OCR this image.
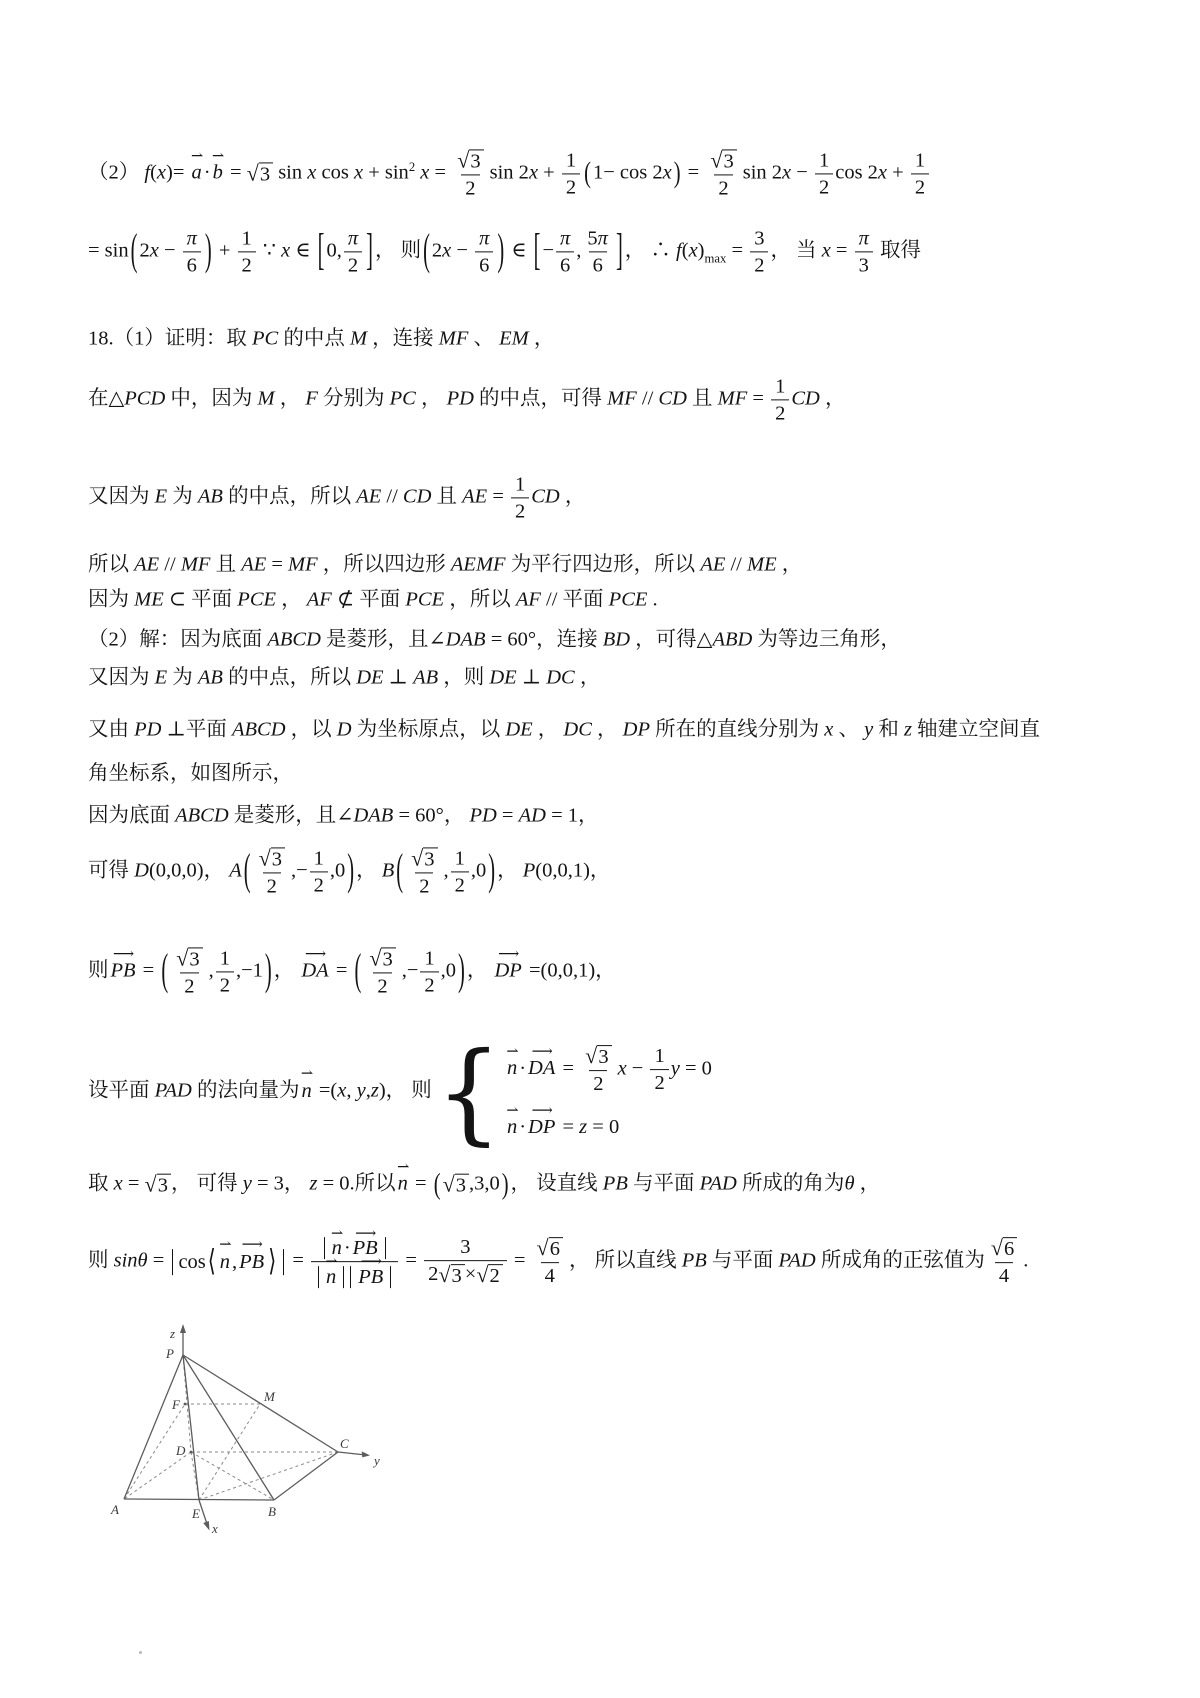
（2） f(x)=
⇀
a·
⇀
b = √ 3 sin x $\cos x + \sin^2 x = \frac{√ 3}{2}$ $\sin 2x + \frac{1}{2} (1- \cos 2x) = \frac{√ 3}{2}$ $\sin 2x - \frac{1}{2}$ $\cos 2x + \frac{1}{2}$
= $\sin(2x - \frac{\pi}{6}$ ) + $\frac{1}{2}$ ∵ x ∈ [0, $\frac{\pi}{2}$ ]， 则($2x - \frac{\pi}{6}$ ) ∈ [− $\frac{\pi}{6}$ , $\frac{5\pi}{6}$ ]， ∴ $f(x)_{max} = \frac{3}{2}$ ， 当 $x = \frac{\pi}{3}$ 取得
18.（1）证明：取 PC 的中点 M ，连接 MF 、 EM ，
在△PCD 中，因为 M ， F 分别为 PC ， PD 的中点，可得 MF // CD 且 MF = $\frac{1}{2}$ CD ，
又因为 E 为 AB 的中点，所以 AE // CD 且 AE = $\frac{1}{2}$ CD ，
所以 AE // MF 且 AE = MF ，所以四边形 AEMF 为平行四边形，所以 AE // ME ，
因为 ME ⊂ 平面 PCE ， AF ⊄ 平面 PCE ，所以 AF // 平面 PCE .
（2）解：因为底面 ABCD 是菱形，且∠DAB = 60°，连接 BD ，可得△ABD 为等边三角形，
又因为 E 为 AB 的中点，所以 DE ⊥ AB ，则 DE ⊥ DC ，
又由 PD ⊥平面 ABCD ，以 D 为坐标原点，以 DE ， DC ， DP 所在的直线分别为 x 、 y 和 z 轴建立空间直
角坐标系，如图所示，
因为底面 ABCD 是菱形，且∠DAB = 60°， PD = AD = 1，
可得 D(0,0,0)， $A( \frac{√ 3}{2}$ ,− $\frac{1}{2} ,0$)， $B( \frac{√ 3}{2}$ , $\frac{1}{2} ,0$)， P(0,0,1)，
则
⟶
PB = ( $\frac{√ 3}{2}$ , $\frac{1}{2} ,-1$)，
⟶
DA = ( $\frac{√ 3}{2}$ ,− $\frac{1}{2} ,0$)，
⟶
DP =(0,0,1)，
设平面 PAD 的法向量为
⇀
n =(x, y,z)， 则 { ⇀
n·
⟶
DA = $\frac{√ 3}{2}$ $x - \frac{1}{2}$ y = 0
⇀
n·
⟶
DP = z = 0
取 x = √ 3 ， 可得 y = 3， z = 0.所以
⇀
n = ( √ 3 ,3,0)， 设直线 PB 与平面 PAD 所成的角为θ ，
则 sinθ = cos ⟨
⇀
n ,
⟶
PB ⟩ = ⇀
n ·
⟶
PB
⇀
n
⟶
PB = $\frac{3}{2 √ 3 \times √ 2} = \frac{√ 6}{4}$ ， 所以直线 PB 与平面 PAD 所成角的正弦值为 $\frac{√ 6}{4}$ .
z
P
F
M
D	C
y
A	E
x
B
